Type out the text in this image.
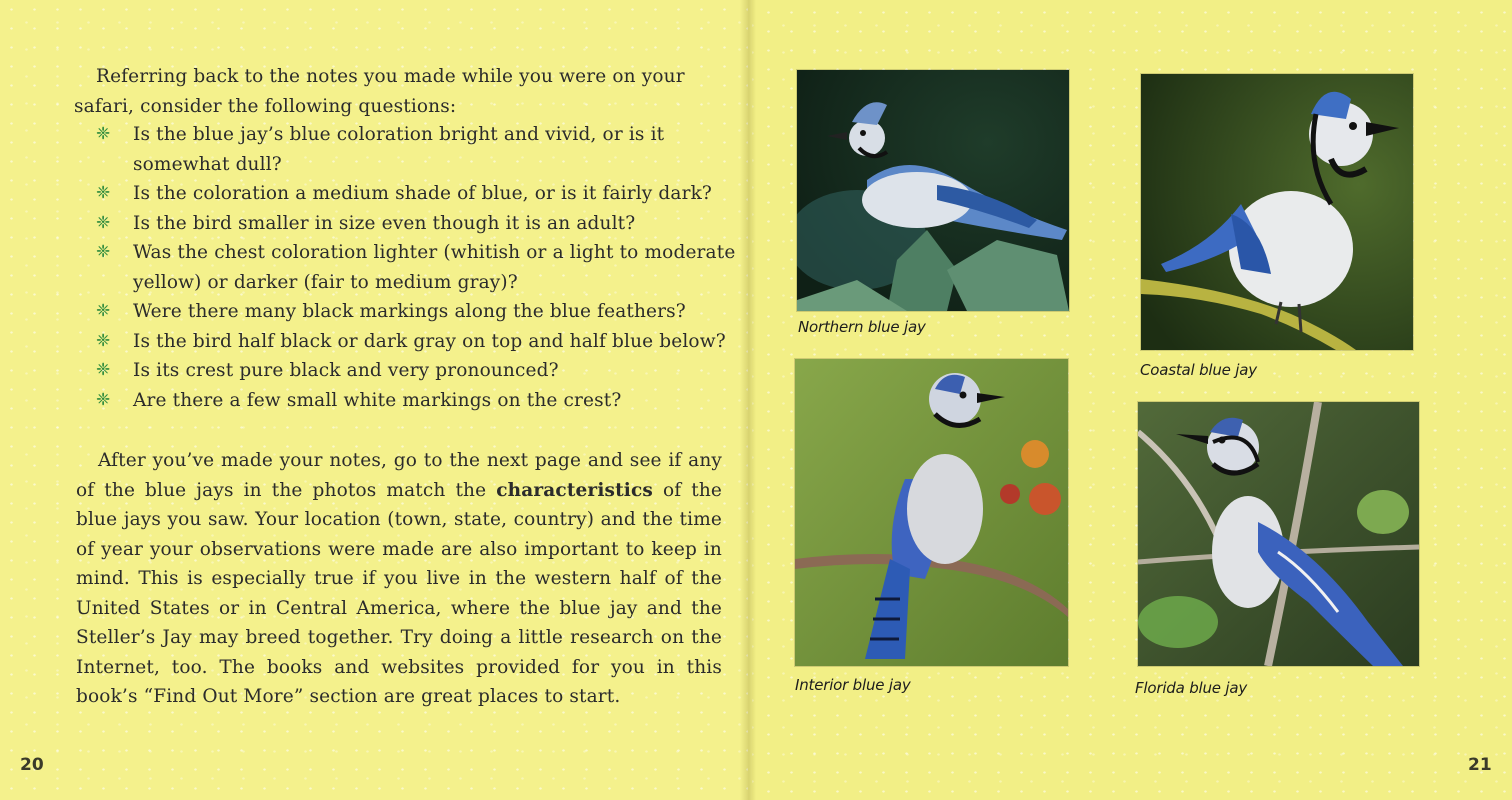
Referring back to the notes you made while you were on your safari, consider the following questions:
❈ Is the blue jay’s blue coloration bright and vivid, or is it somewhat dull?
❈ Is the coloration a medium shade of blue, or is it fairly dark?
❈ Is the bird smaller in size even though it is an adult?
❈ Was the chest coloration lighter (whitish or a light to moderate yellow) or darker (fair to medium gray)?
❈ Were there many black markings along the blue feathers?
❈ Is the bird half black or dark gray on top and half blue below?
❈ Is its crest pure black and very pronounced?
❈ Are there a few small white markings on the crest?
After you’ve made your notes, go to the next page and see if any of the blue jays in the photos match the characteristics of the blue jays you saw. Your location (town, state, country) and the time of year your observations were made are also important to keep in mind. This is especially true if you live in the western half of the United States or in Central America, where the blue jay and the Steller’s Jay may breed together. Try doing a little research on the Internet, too. The books and websites provided for you in this book’s “Find Out More” section are great places to start.
20
Northern blue jay
Coastal blue jay
Interior blue jay	Florida blue jay
21
